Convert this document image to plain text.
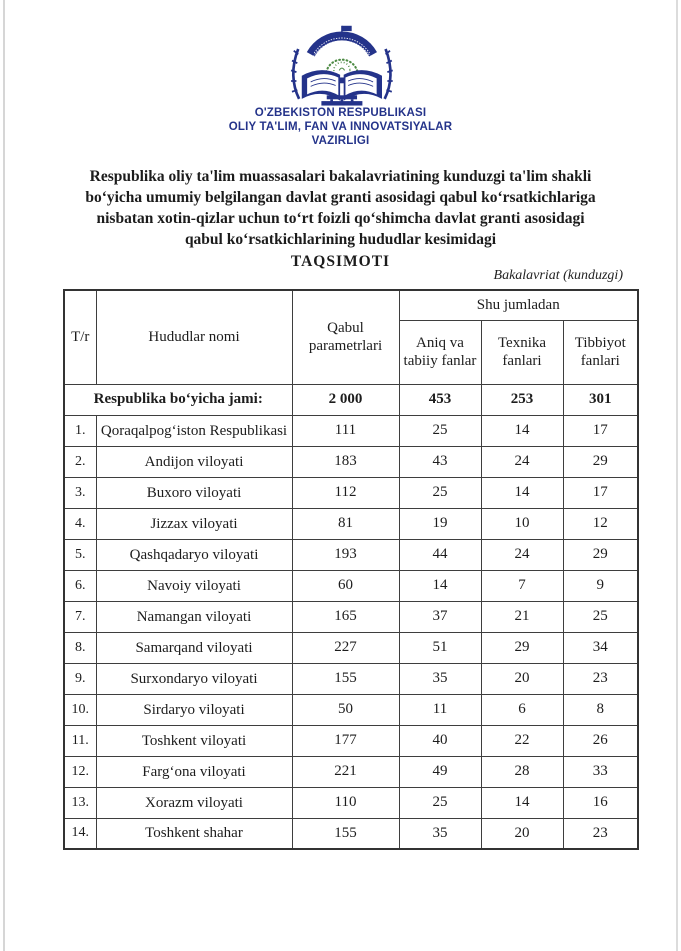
O'ZBEKISTON RESPUBLIKASI
OLIY TA'LIM, FAN VA INNOVATSIYALAR
VAZIRLIGI
Respublika oliy ta'lim muassasalari bakalavriatining kunduzgi ta'lim shakli
boʻyicha umumiy belgilangan davlat granti asosidagi qabul koʻrsatkichlariga
nisbatan xotin-qizlar uchun toʻrt foizli qoʻshimcha davlat granti asosidagi
qabul koʻrsatkichlarining hududlar kesimidagi
TAQSIMOTI
Bakalavriat (kunduzgi)
T/r	Hududlar nomi	Qabul parametrlari	Shu jumladan		
			Aniq va tabiiy fanlar	Texnika fanlari	Tibbiyot fanlari
Respublika boʻyicha jami:		2 000	453	253	301
1.	Qoraqalpogʻiston Respublikasi	111	25	14	17
2.	Andijon viloyati	183	43	24	29
3.	Buxoro viloyati	112	25	14	17
4.	Jizzax viloyati	81	19	10	12
5.	Qashqadaryo viloyati	193	44	24	29
6.	Navoiy viloyati	60	14	7	9
7.	Namangan viloyati	165	37	21	25
8.	Samarqand viloyati	227	51	29	34
9.	Surxondaryo viloyati	155	35	20	23
10.	Sirdaryo viloyati	50	11	6	8
11.	Toshkent viloyati	177	40	22	26
12.	Fargʻona viloyati	221	49	28	33
13.	Xorazm viloyati	110	25	14	16
14.	Toshkent shahar	155	35	20	23
